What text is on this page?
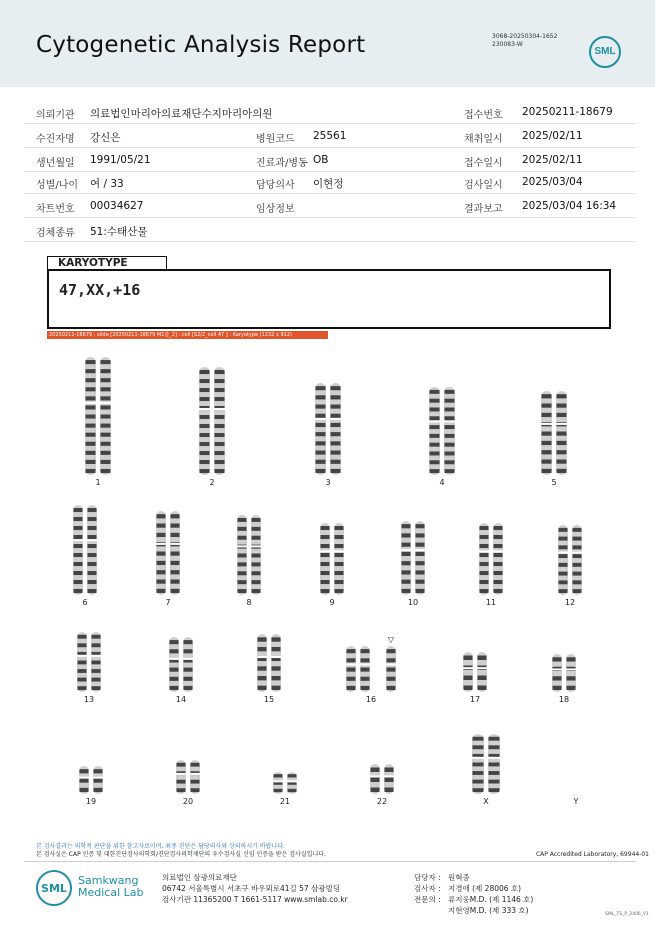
Cytogenetic Analysis Report	3068-20250304-1652
230083-W
SML
의뢰기관 의료법인마리아의료재단수지마리아의원	접수번호 20250211-18679
수진자명 강신은	병원코드 25561	채취일시 2025/02/11
생년월일 1991/05/21	진료과/병동 OB	접수일시 2025/02/11
성별/나이 여 / 33	담당의사 이현정	검사일시 2025/03/04
차트번호 00034627	임상정보	결과보고 2025/03/04 16:34
검체종류 51:수태산물
KARYOTYPE
47,XX,+16
20250211-18679 : slide [20250211-18679 M1슬_2] : cell [S2/2_cell 47 ] : Karyotype (1232 x 912)
1	2	3	4	5
6	7	8	9	10	11	12
13	14	15	16
▽
17	18
19	20	21	22	X	Y
본 검사결과는 의학적 판단을 위한 참고자료이며, 최종 진단은 담당의사와 상의하시기 바랍니다.
본 검사실은 CAP 인증 및 대한진단검사의학회/진단검사의학재단의 우수검사실 신임 인증을 받은 검사실입니다.	CAP Accredited Laboratory, 69944-01
SML
Samkwang
Medical Lab
의료법인 삼광의료재단
06742 서울특별시 서초구 바우뫼로41길 57 삼광빌딩
검사기관 11365200 T 1661-5117 www.smlab.co.kr
담당자 : 원혁중
검사자 : 지경애 (제 28006 호)
전문의 : 류지웅M.D. (제 1146 호)
지현영M.D. (제 333 호)	SML_TS_P_2406_V1
